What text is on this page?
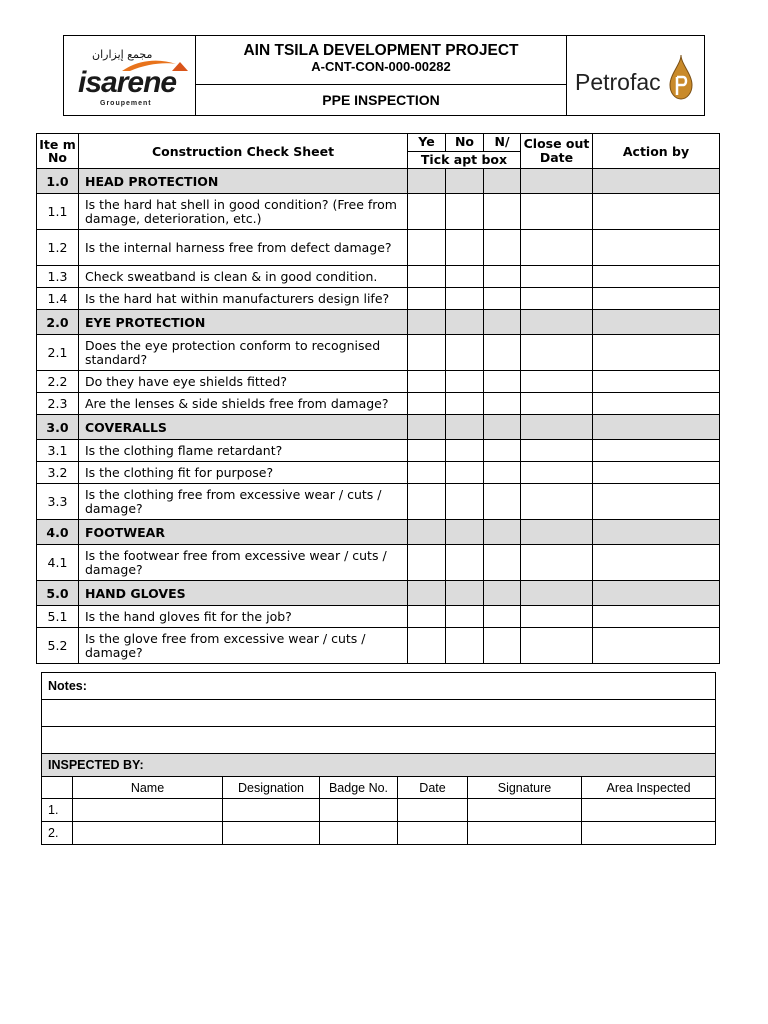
مجمع إيزاران
isarene
Groupement
AIN TSILA DEVELOPMENT PROJECT
A-CNT-CON-000-00282
PPE INSPECTION
Petrofac
Ite m No	Construction Check Sheet	Ye	No	N/	Close out Date	Action by
		Tick apt box				
1.0	HEAD PROTECTION					
1.1	Is the hard hat shell in good condition? (Free from damage, deterioration, etc.)					
1.2	Is the internal harness free from defect damage?					
1.3	Check sweatband is clean & in good condition.					
1.4	Is the hard hat within manufacturers design life?					
2.0	EYE PROTECTION					
2.1	Does the eye protection conform to recognised standard?					
2.2	Do they have eye shields fitted?					
2.3	Are the lenses & side shields free from damage?					
3.0	COVERALLS					
3.1	Is the clothing flame retardant?					
3.2	Is the clothing fit for purpose?					
3.3	Is the clothing free from excessive wear / cuts / damage?					
4.0	FOOTWEAR					
4.1	Is the footwear free from excessive wear / cuts / damage?					
5.0	HAND GLOVES					
5.1	Is the hand gloves fit for the job?					
5.2	Is the glove free from excessive wear / cuts / damage?					
Notes:						

INSPECTED BY:						
	Name	Designation	Badge No.	Date	Signature	Area Inspected
1.						
2.						
